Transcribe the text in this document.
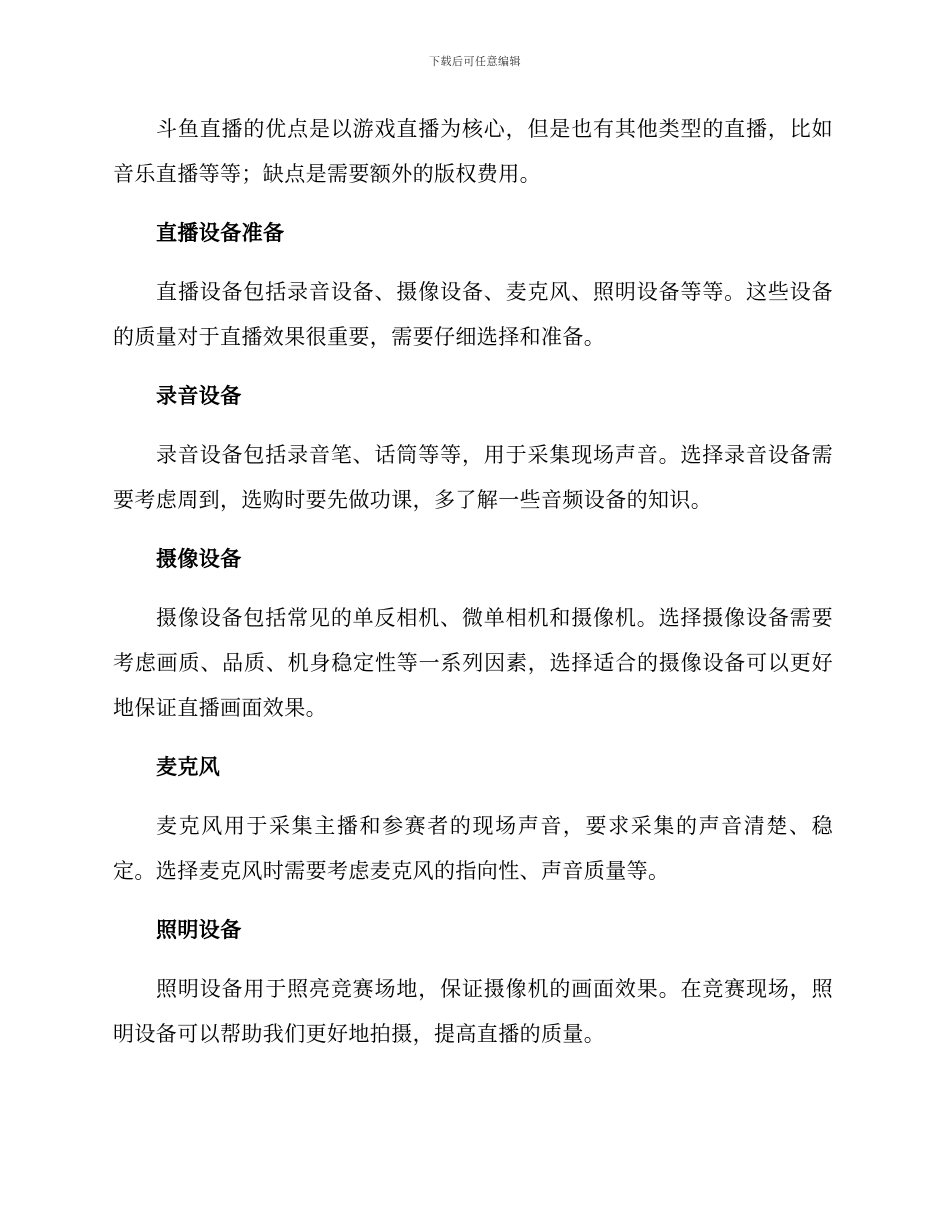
下载后可任意编辑

斗鱼直播的优点是以游戏直播为核心，但是也有其他类型的直播，比如音乐直播等等；缺点是需要额外的版权费用。

直播设备准备

直播设备包括录音设备、摄像设备、麦克风、照明设备等等。这些设备的质量对于直播效果很重要，需要仔细选择和准备。

录音设备

录音设备包括录音笔、话筒等等，用于采集现场声音。选择录音设备需要考虑周到，选购时要先做功课，多了解一些音频设备的知识。

摄像设备

摄像设备包括常见的单反相机、微单相机和摄像机。选择摄像设备需要考虑画质、品质、机身稳定性等一系列因素，选择适合的摄像设备可以更好地保证直播画面效果。

麦克风

麦克风用于采集主播和参赛者的现场声音，要求采集的声音清楚、稳定。选择麦克风时需要考虑麦克风的指向性、声音质量等。

照明设备

照明设备用于照亮竞赛场地，保证摄像机的画面效果。在竞赛现场，照明设备可以帮助我们更好地拍摄，提高直播的质量。
